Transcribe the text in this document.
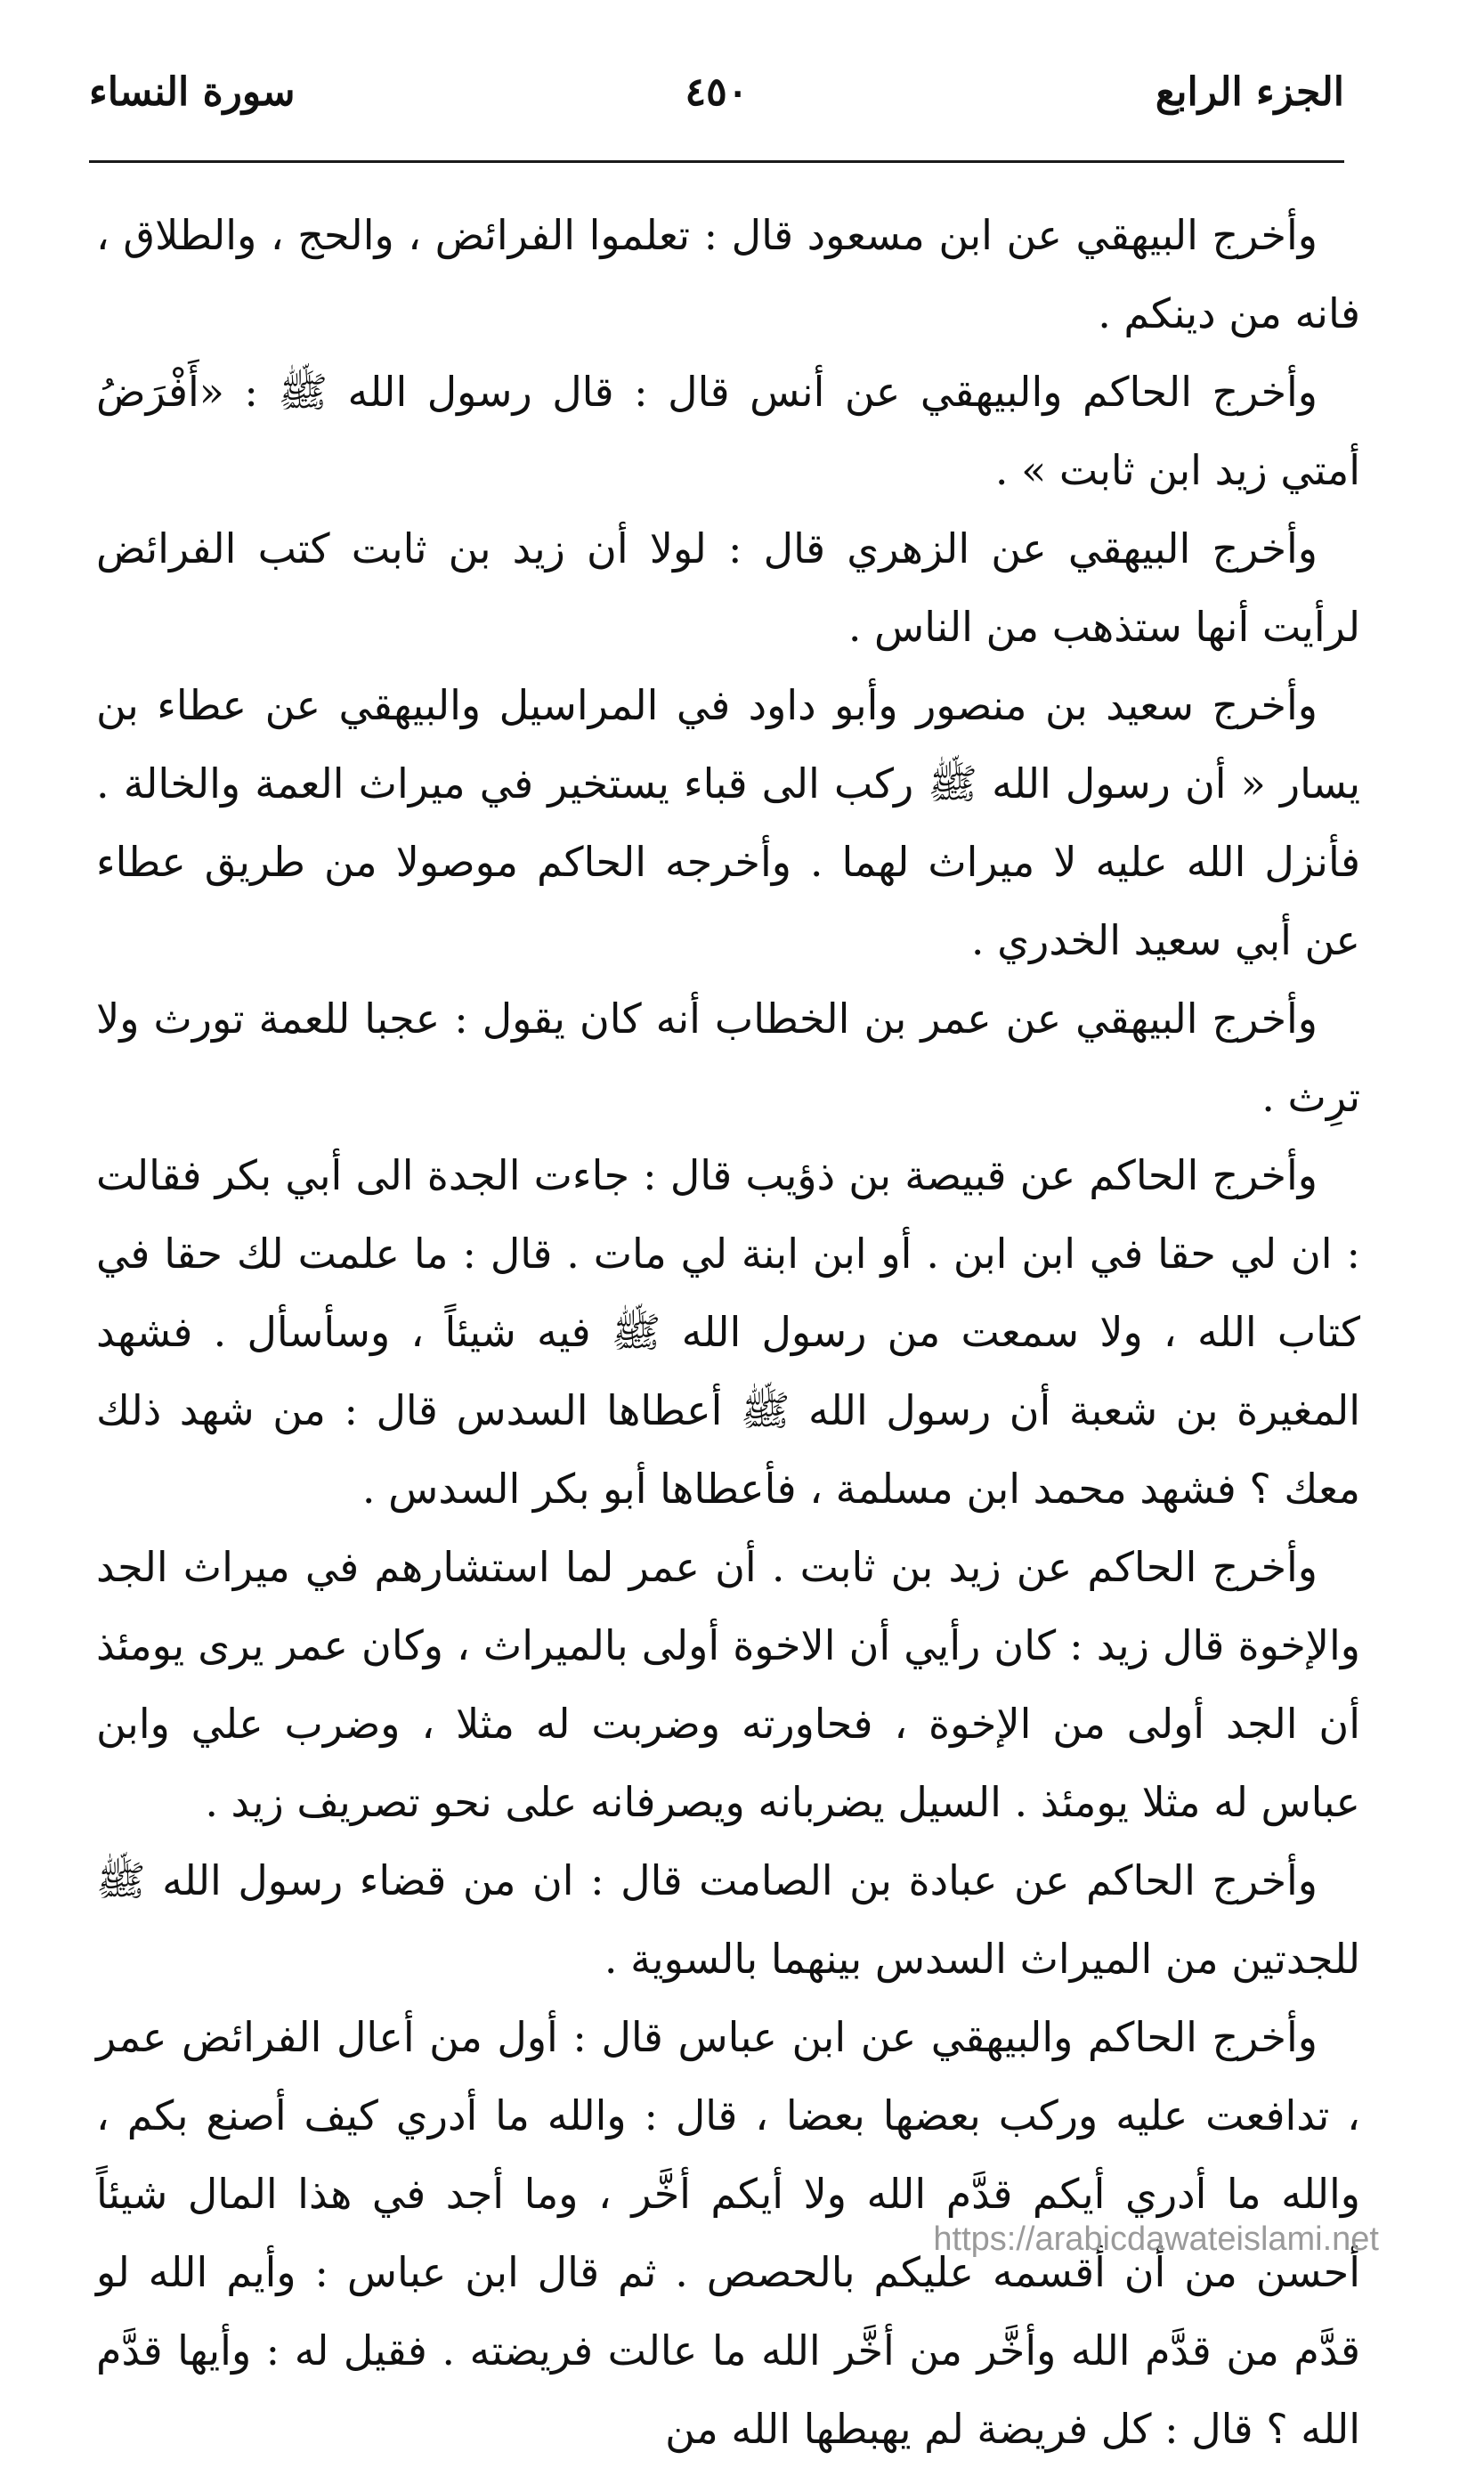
الجزء الرابع
٤٥٠
سورة النساء

وأخرج البيهقي عن ابن مسعود قال : تعلموا الفرائض ، والحج ، والطلاق ، فانه من دينكم .

وأخرج الحاكم والبيهقي عن أنس قال : قال رسول الله ﷺ : «أَفْرَضُ أمتي زيد ابن ثابت » .

وأخرج البيهقي عن الزهري قال : لولا أن زيد بن ثابت كتب الفرائض لرأيت أنها ستذهب من الناس .

وأخرج سعيد بن منصور وأبو داود في المراسيل والبيهقي عن عطاء بن يسار « أن رسول الله ﷺ ركب الى قباء يستخير في ميراث العمة والخالة . فأنزل الله عليه لا ميراث لهما . وأخرجه الحاكم موصولا من طريق عطاء عن أبي سعيد الخدري .

وأخرج البيهقي عن عمر بن الخطاب أنه كان يقول : عجبا للعمة تورث ولا ترِث .

وأخرج الحاكم عن قبيصة بن ذؤيب قال : جاءت الجدة الى أبي بكر فقالت : ان لي حقا في ابن ابن . أو ابن ابنة لي مات . قال : ما علمت لك حقا في كتاب الله ، ولا سمعت من رسول الله ﷺ فيه شيئاً ، وسأسأل . فشهد المغيرة بن شعبة أن رسول الله ﷺ أعطاها السدس قال : من شهد ذلك معك ؟ فشهد محمد ابن مسلمة ، فأعطاها أبو بكر السدس .

وأخرج الحاكم عن زيد بن ثابت . أن عمر لما استشارهم في ميراث الجد والإخوة قال زيد : كان رأيي أن الاخوة أولى بالميراث ، وكان عمر يرى يومئذ أن الجد أولى من الإخوة ، فحاورته وضربت له مثلا ، وضرب علي وابن عباس له مثلا يومئذ . السيل يضربانه ويصرفانه على نحو تصريف زيد .

وأخرج الحاكم عن عبادة بن الصامت قال : ان من قضاء رسول الله ﷺ للجدتين من الميراث السدس بينهما بالسوية .

وأخرج الحاكم والبيهقي عن ابن عباس قال : أول من أعال الفرائض عمر ، تدافعت عليه وركب بعضها بعضا ، قال : والله ما أدري كيف أصنع بكم ، والله ما أدري أيكم قدَّم الله ولا أيكم أخَّر ، وما أجد في هذا المال شيئاً أحسن من أن أقسمه عليكم بالحصص . ثم قال ابن عباس : وأيم الله لو قدَّم من قدَّم الله وأخَّر من أخَّر الله ما عالت فريضته . فقيل له : وأيها قدَّم الله ؟ قال : كل فريضة لم يهبطها الله من

https://arabicdawateislami.net
